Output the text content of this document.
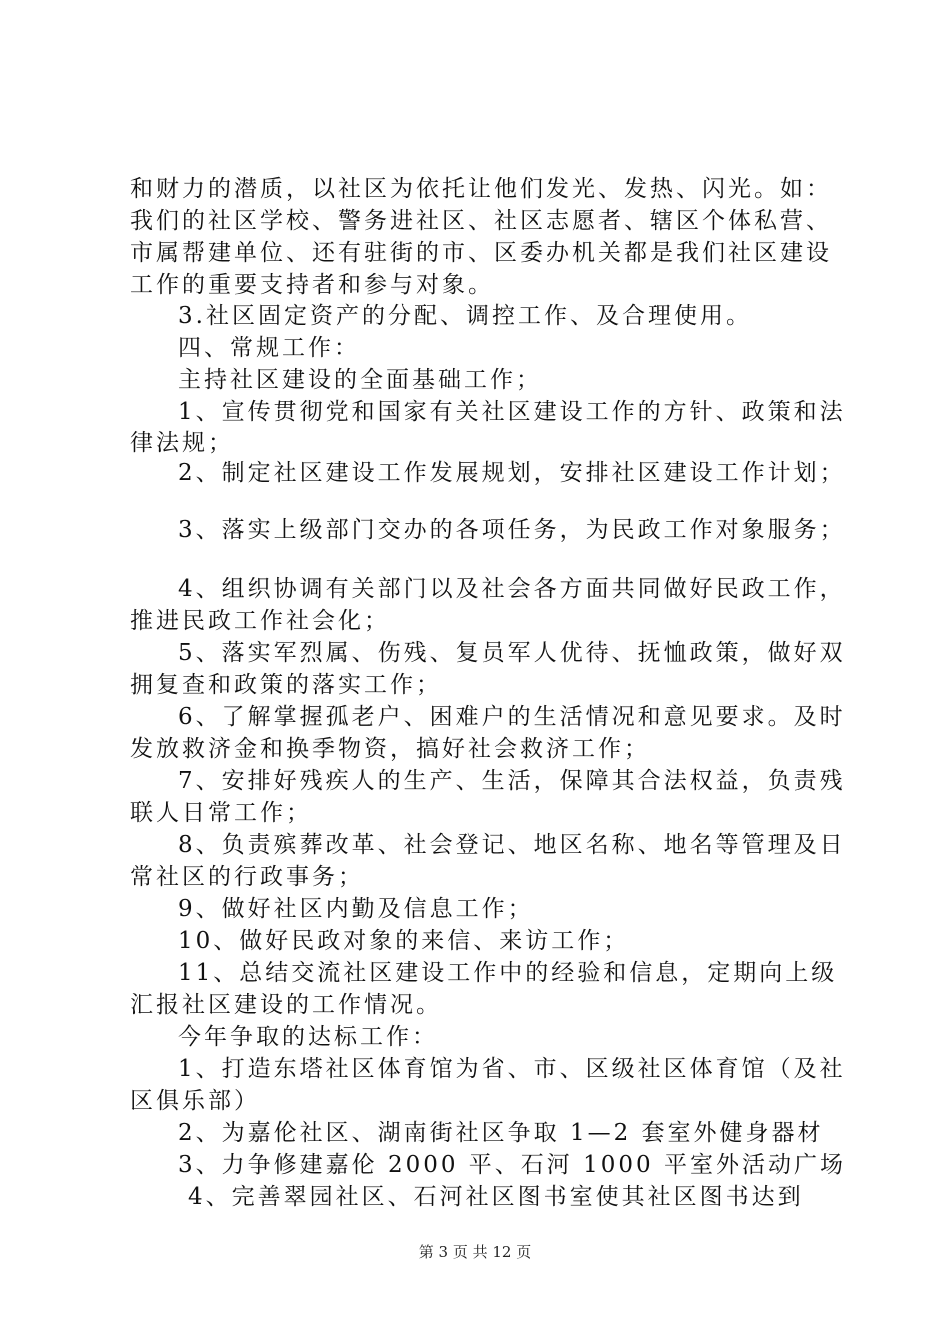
和财力的潜质，以社区为依托让他们发光、发热、闪光。如：
我们的社区学校、警务进社区、社区志愿者、辖区个体私营、
市属帮建单位、还有驻街的市、区委办机关都是我们社区建设
工作的重要支持者和参与对象。
3.社区固定资产的分配、调控工作、及合理使用。
四、常规工作：
主持社区建设的全面基础工作；
1、宣传贯彻党和国家有关社区建设工作的方针、政策和法
律法规；
2、制定社区建设工作发展规划，安排社区建设工作计划；
3、落实上级部门交办的各项任务，为民政工作对象服务；
4、组织协调有关部门以及社会各方面共同做好民政工作，
推进民政工作社会化；
5、落实军烈属、伤残、复员军人优待、抚恤政策，做好双
拥复查和政策的落实工作；
6、了解掌握孤老户、困难户的生活情况和意见要求。及时
发放救济金和换季物资，搞好社会救济工作；
7、安排好残疾人的生产、生活，保障其合法权益，负责残
联人日常工作；
8、负责殡葬改革、社会登记、地区名称、地名等管理及日
常社区的行政事务；
9、做好社区内勤及信息工作；
10、做好民政对象的来信、来访工作；
11、总结交流社区建设工作中的经验和信息，定期向上级
汇报社区建设的工作情况。
今年争取的达标工作：
1、打造东塔社区体育馆为省、市、区级社区体育馆（及社
区俱乐部）
2、为嘉伦社区、湖南街社区争取 1—2 套室外健身器材
3、力争修建嘉伦 2000 平、石河 1000 平室外活动广场
4、完善翠园社区、石河社区图书室使其社区图书达到
第 3 页 共 12 页
